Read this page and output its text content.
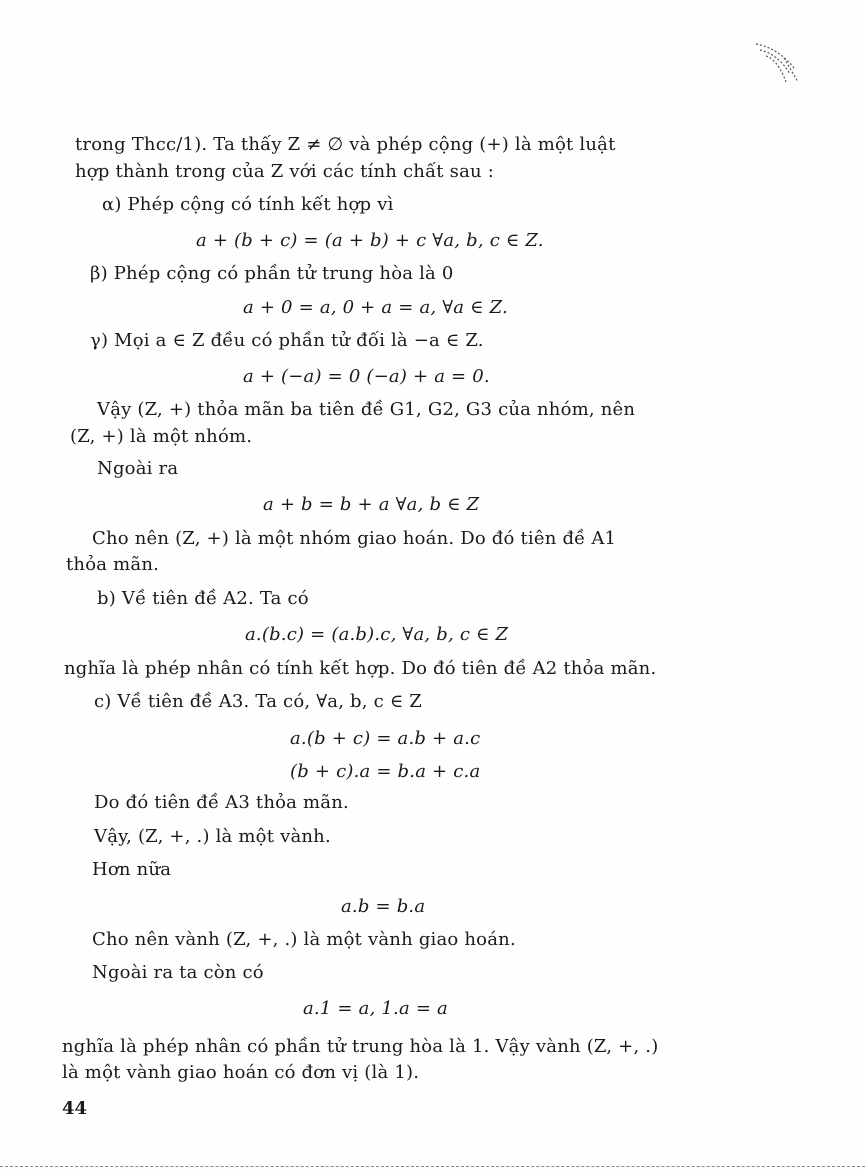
trong Thcc/1). Ta thấy Z ≠ ∅ và phép cộng (+) là một luật
hợp thành trong của Z với các tính chất sau :
α) Phép cộng có tính kết hợp vì
a + (b + c) = (a + b) + c ∀a, b, c ∈ Z.
β) Phép cộng có phần tử trung hòa là 0
a + 0 = a, 0 + a = a, ∀a ∈ Z.
γ) Mọi a ∈ Z đều có phần tử đối là −a ∈ Z.
a + (−a) = 0 (−a) + a = 0.
Vậy (Z, +) thỏa mãn ba tiên đề G1, G2, G3 của nhóm, nên
(Z, +) là một nhóm.
Ngoài ra
a + b = b + a ∀a, b ∈ Z
Cho nên (Z, +) là một nhóm giao hoán. Do đó tiên đề A1
thỏa mãn.
b) Về tiên đề A2. Ta có
a.(b.c) = (a.b).c, ∀a, b, c ∈ Z
nghĩa là phép nhân có tính kết hợp. Do đó tiên đề A2 thỏa mãn.
c) Về tiên đề A3. Ta có, ∀a, b, c ∈ Z
a.(b + c) = a.b + a.c
(b + c).a = b.a + c.a
Do đó tiên đề A3 thỏa mãn.
Vậy, (Z, +, .) là một vành.
Hơn nữa
a.b = b.a
Cho nên vành (Z, +, .) là một vành giao hoán.
Ngoài ra ta còn có
a.1 = a, 1.a = a
nghĩa là phép nhân có phần tử trung hòa là 1. Vậy vành (Z, +, .)
là một vành giao hoán có đơn vị (là 1).
44
